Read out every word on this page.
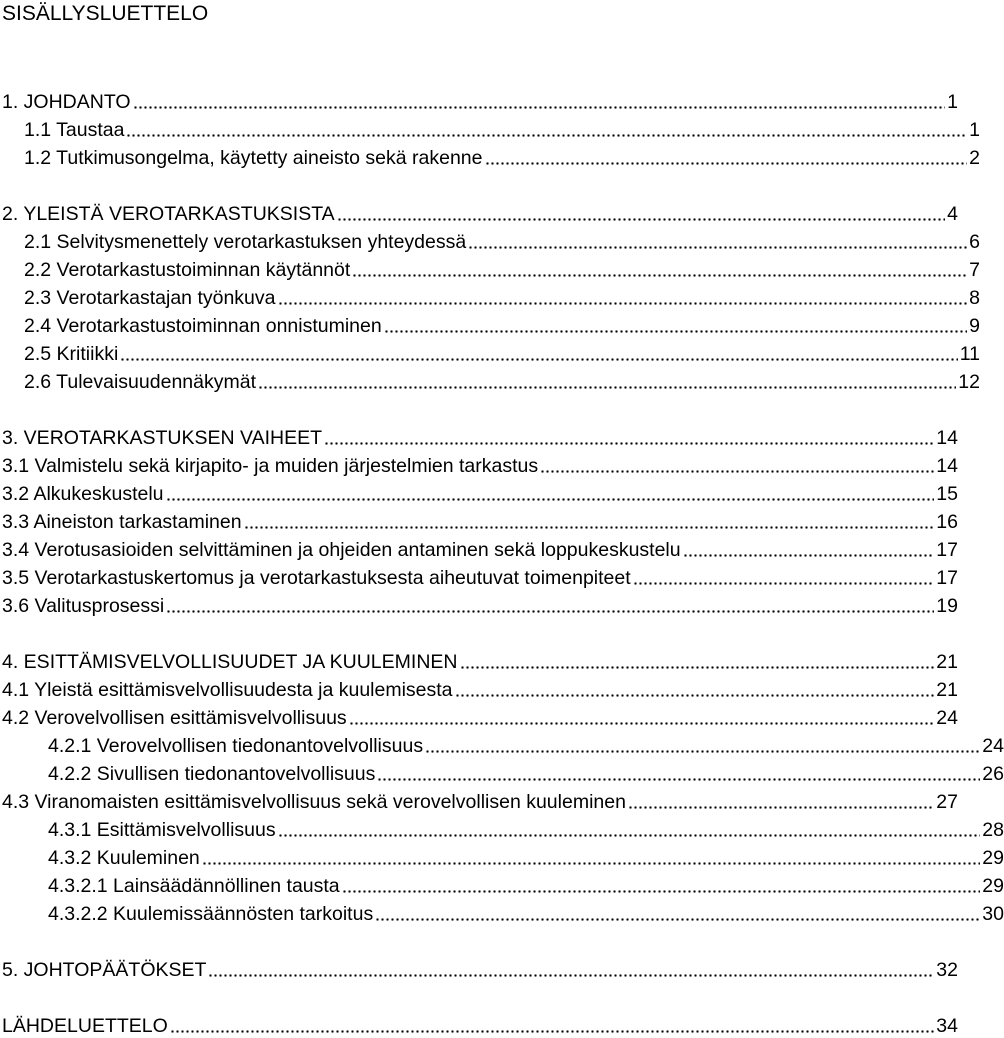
SISÄLLYSLUETTELO
1. JOHDANTO	1
1.1 Taustaa	1
1.2 Tutkimusongelma, käytetty aineisto sekä rakenne	2
2. YLEISTÄ VEROTARKASTUKSISTA	4
2.1 Selvitysmenettely verotarkastuksen yhteydessä	6
2.2 Verotarkastustoiminnan käytännöt	7
2.3 Verotarkastajan työnkuva	8
2.4 Verotarkastustoiminnan onnistuminen	9
2.5 Kritiikki	11
2.6 Tulevaisuudennäkymät	12
3. VEROTARKASTUKSEN VAIHEET	14
3.1 Valmistelu sekä kirjapito- ja muiden järjestelmien tarkastus	14
3.2 Alkukeskustelu	15
3.3 Aineiston tarkastaminen	16
3.4 Verotusasioiden selvittäminen ja ohjeiden antaminen sekä loppukeskustelu	17
3.5 Verotarkastuskertomus ja verotarkastuksesta aiheutuvat toimenpiteet	17
3.6 Valitusprosessi	19
4. ESITTÄMISVELVOLLISUUDET JA KUULEMINEN	21
4.1 Yleistä esittämisvelvollisuudesta ja kuulemisesta	21
4.2 Verovelvollisen esittämisvelvollisuus	24
4.2.1 Verovelvollisen tiedonantovelvollisuus	24
4.2.2 Sivullisen tiedonantovelvollisuus	26
4.3 Viranomaisten esittämisvelvollisuus sekä verovelvollisen kuuleminen	27
4.3.1 Esittämisvelvollisuus	28
4.3.2 Kuuleminen	29
4.3.2.1 Lainsäädännöllinen tausta	29
4.3.2.2 Kuulemissäännösten tarkoitus	30
5. JOHTOPÄÄTÖKSET	32
LÄHDELUETTELO	34
